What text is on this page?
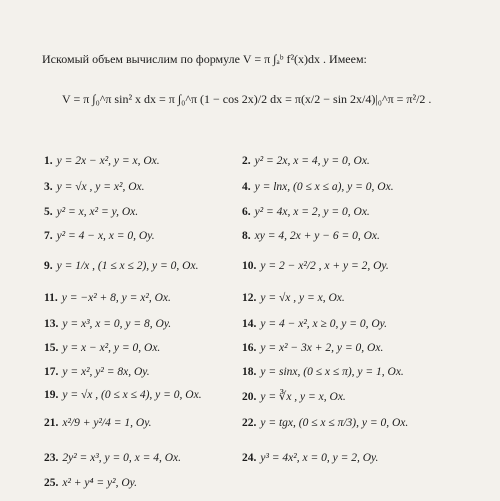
Искомый объем вычислим по формуле V = π ∫ₐᵇ f²(x)dx . Имеем:
V = π ∫₀^π sin² x dx = π ∫₀^π (1 − cos 2x)/2 dx = π(x/2 − sin 2x/4)|₀^π = π²/2 .
1. y = 2x − x², y = x, Ox.	2. y² = 2x, x = 4, y = 0, Ox.
3. y = √x , y = x², Ox.	4. y = lnx, (0 ≤ x ≤ a), y = 0, Ox.
5. y² = x, x² = y, Ox.	6. y² = 4x, x = 2, y = 0, Ox.
7. y² = 4 − x, x = 0, Oy.	8. xy = 4, 2x + y − 6 = 0, Ox.
9. y = 1/x , (1 ≤ x ≤ 2), y = 0, Ox.	10. y = 2 − x²/2 , x + y = 2, Oy.
11. y = −x² + 8, y = x², Ox.	12. y = √x , y = x, Ox.
13. y = x³, x = 0, y = 8, Oy.	14. y = 4 − x², x ≥ 0, y = 0, Oy.
15. y = x − x², y = 0, Ox.	16. y = x² − 3x + 2, y = 0, Ox.
17. y = x², y² = 8x, Oy.	18. y = sinx, (0 ≤ x ≤ π), y = 1, Ox.
19. y = √x , (0 ≤ x ≤ 4), y = 0, Ox.	20. y = ∛x , y = x, Ox.
21. x²/9 + y²/4 = 1, Oy.	22. y = tgx, (0 ≤ x ≤ π/3), y = 0, Ox.
23. 2y² = x³, y = 0, x = 4, Ox.	24. y³ = 4x², x = 0, y = 2, Oy.
25. x² + y⁴ = y², Oy.
